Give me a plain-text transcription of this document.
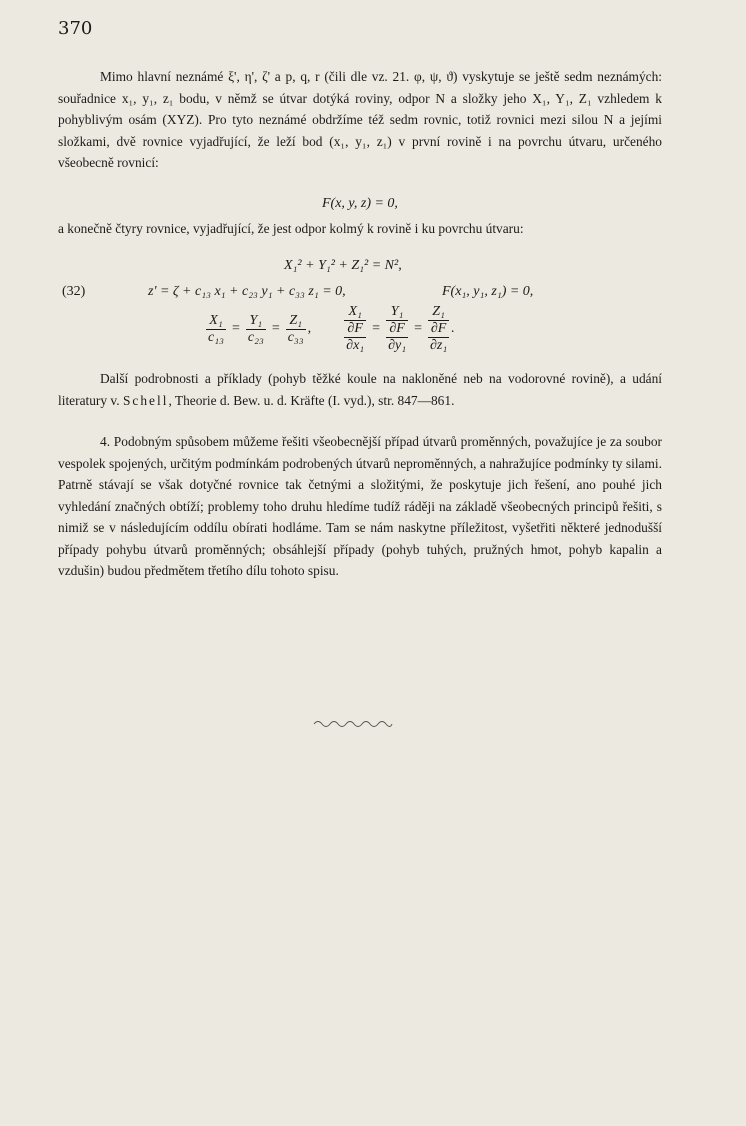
370
Mimo hlavní neznámé ξ', η', ζ' a p, q, r (čili dle vz. 21. φ, ψ, ϑ) vyskytuje se ještě sedm neznámých: souřadnice x₁, y₁, z₁ bodu, v němž se útvar dotýká roviny, odpor N a složky jeho X₁, Y₁, Z₁ vzhledem k pohyblivým osám (XYZ). Pro tyto neznámé obdržíme též sedm rovnic, totiž rovnici mezi silou N a jejími složkami, dvě rovnice vyjadřující, že leží bod (x₁, y₁, z₁) v první rovině i na povrchu útvaru, určeného všeobecně rovnicí:
F(x, y, z) = 0,
a konečně čtyry rovnice, vyjadřující, že jest odpor kolmý k rovině i ku povrchu útvaru:
X₁² + Y₁² + Z₁² = N²,
(32)	z' = ζ + c₁₃ x₁ + c₂₃ y₁ + c₃₃ z₁ = 0,	F(x₁, y₁, z₁) = 0,
$\frac{\text{X₁}}{\text{c₁₃}} = \frac{\text{Y₁}}{\text{c₂₃}} = \frac{\text{Z₁}}{\text{c₃₃}}$ ,
X₁
∂F
∂x₁
=
Y₁
∂F
∂y₁
=
Z₁
∂F
∂z₁
.
Další podrobnosti a příklady (pohyb těžké koule na nakloněné neb na vodorovné rovině), a udání literatury v. Schell, Theorie d. Bew. u. d. Kräfte (I. vyd.), str. 847—861.
4. Podobným spůsobem můžeme řešiti všeobecnější případ útvarů proměnných, považujíce je za soubor vespolek spojených, určitým podmínkám podrobených útvarů neproměnných, a nahražujíce podmínky ty silami. Patrně stávají se však dotyčné rovnice tak četnými a složitými, že poskytuje jich řešení, ano pouhé jich vyhledání značných obtíží; problemy toho druhu hledíme tudíž ráději na základě všeobecných principů řešiti, s nimiž se v následujícím oddílu obírati hodláme. Tam se nám naskytne příležitost, vyšetřiti některé jednodušší případy pohybu útvarů proměnných; obsáhlejší případy (pohyb tuhých, pružných hmot, pohyb kapalin a vzdušin) budou předmětem třetího dílu tohoto spisu.
